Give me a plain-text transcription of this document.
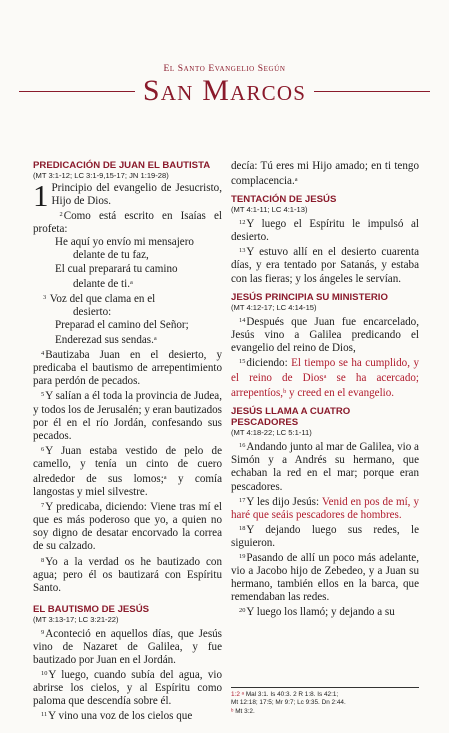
El Santo Evangelio Según
San Marcos
PREDICACIÓN DE JUAN EL BAUTISTA
(MT 3:1-12; LC 3:1-9,15-17; JN 1:19-28)

1 Principio del evangelio de Jesucristo, Hijo de Dios.

$^2$Como está escrito en Isaías el profeta:

He aquí yo envío mi mensajero
delante de tu faz,
El cual preparará tu camino
delante de ti.$^a$
$^3$ Voz del que clama en el
desierto:
Preparad el camino del Señor;
Enderezad sus sendas.$^a$

$^4$Bautizaba Juan en el desierto, y predicaba el bautismo de arrepentimiento para perdón de pecados.

$^5$Y salían a él toda la provincia de Judea, y todos los de Jerusalén; y eran bautizados por él en el río Jordán, confesando sus pecados.

$^6$Y Juan estaba vestido de pelo de camello, y tenía un cinto de cuero alrededor de sus lomos;$^a$ y comía langostas y miel silvestre.

$^7$Y predicaba, diciendo: Viene tras mí el que es más poderoso que yo, a quien no soy digno de desatar encorvado la correa de su calzado.

$^8$Yo a la verdad os he bautizado con agua; pero él os bautizará con Espíritu Santo.

EL BAUTISMO DE JESÚS
(MT 3:13-17; LC 3:21-22)

$^9$Aconteció en aquellos días, que Jesús vino de Nazaret de Galilea, y fue bautizado por Juan en el Jordán.

$^{10}$Y luego, cuando subía del agua, vio abrirse los cielos, y al Espíritu como paloma que descendía sobre él.

$^{11}$Y vino una voz de los cielos que

decía: Tú eres mi Hijo amado; en ti tengo complacencia.$^a$

TENTACIÓN DE JESÚS
(MT 4:1-11; LC 4:1-13)

$^{12}$Y luego el Espíritu le impulsó al desierto.

$^{13}$Y estuvo allí en el desierto cuarenta días, y era tentado por Satanás, y estaba con las fieras; y los ángeles le servían.

JESÚS PRINCIPIA SU MINISTERIO
(MT 4:12-17; LC 4:14-15)

$^{14}$Después que Juan fue encarcelado, Jesús vino a Galilea predicando el evangelio del reino de Dios,

$^{15}$diciendo: El tiempo se ha cumplido, y el reino de Dios$^a$ se ha acercado; arrepentíos,$^b$ y creed en el evangelio.

JESÚS LLAMA A CUATRO
PESCADORES
(MT 4:18-22; LC 5:1-11)

$^{16}$Andando junto al mar de Galilea, vio a Simón y a Andrés su hermano, que echaban la red en el mar; porque eran pescadores.

$^{17}$Y les dijo Jesús: Venid en pos de mí, y haré que seáis pescadores de hombres.

$^{18}$Y dejando luego sus redes, le siguieron.

$^{19}$Pasando de allí un poco más adelante, vio a Jacobo hijo de Zebedeo, y a Juan su hermano, también ellos en la barca, que remendaban las redes.

$^{20}$Y luego los llamó; y dejando a su

1:2 ᵃ Mal 3:1. Is 40:3. 2 R 1:8. Is 42:1;
Mt 12:18; 17:5; Mr 9:7; Lc 9:35. Dn 2:44.
ᵇ Mt 3:2.
